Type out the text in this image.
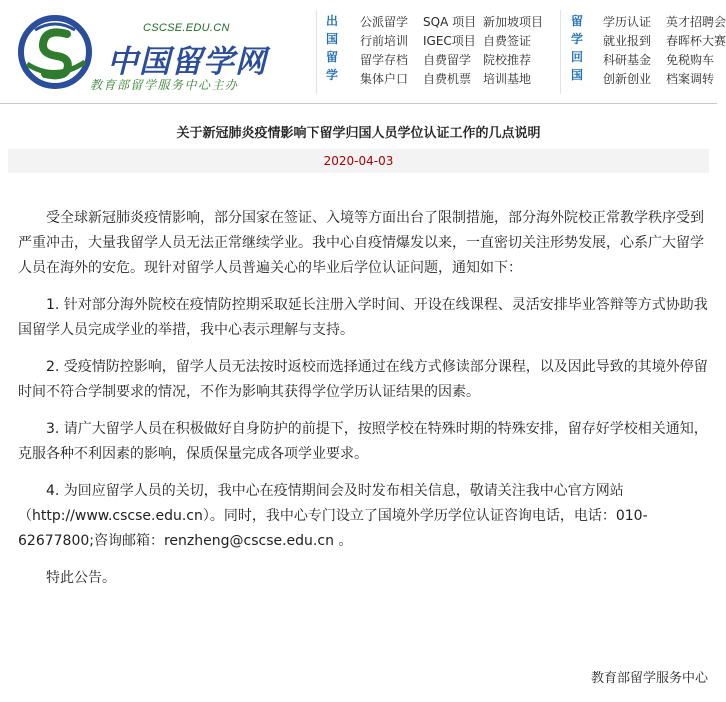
CSCSE.EDU.CN
中国留学网
教育部留学服务中心主办
出
国
留
学
公派留学
行前培训
留学存档
集体户口
SQA 项目
IGEC项目
自费留学
自费机票
新加坡项目
自费签证
院校推荐
培训基地
留
学
回
国
学历认证
就业报到
科研基金
创新创业
英才招聘会
春晖杯大赛
免税购车
档案调转
关于新冠肺炎疫情影响下留学归国人员学位认证工作的几点说明
2020-04-03

受全球新冠肺炎疫情影响，部分国家在签证、入境等方面出台了限制措施，部分海外院校正常教学秩序受到严重冲击，大量我留学人员无法正常继续学业。我中心自疫情爆发以来，一直密切关注形势发展，心系广大留学人员在海外的安危。现针对留学人员普遍关心的毕业后学位认证问题，通知如下：

1. 针对部分海外院校在疫情防控期采取延长注册入学时间、开设在线课程、灵活安排毕业答辩等方式协助我国留学人员完成学业的举措，我中心表示理解与支持。

2. 受疫情防控影响，留学人员无法按时返校而选择通过在线方式修读部分课程，以及因此导致的其境外停留时间不符合学制要求的情况，不作为影响其获得学位学历认证结果的因素。

3. 请广大留学人员在积极做好自身防护的前提下，按照学校在特殊时期的特殊安排，留存好学校相关通知，克服各种不利因素的影响，保质保量完成各项学业要求。

4. 为回应留学人员的关切，我中心在疫情期间会及时发布相关信息，敬请关注我中心官方网站（http://www.cscse.edu.cn）。同时，我中心专门设立了国境外学历学位认证咨询电话，电话：010-62677800;咨询邮箱：renzheng@cscse.edu.cn 。

特此公告。

教育部留学服务中心
